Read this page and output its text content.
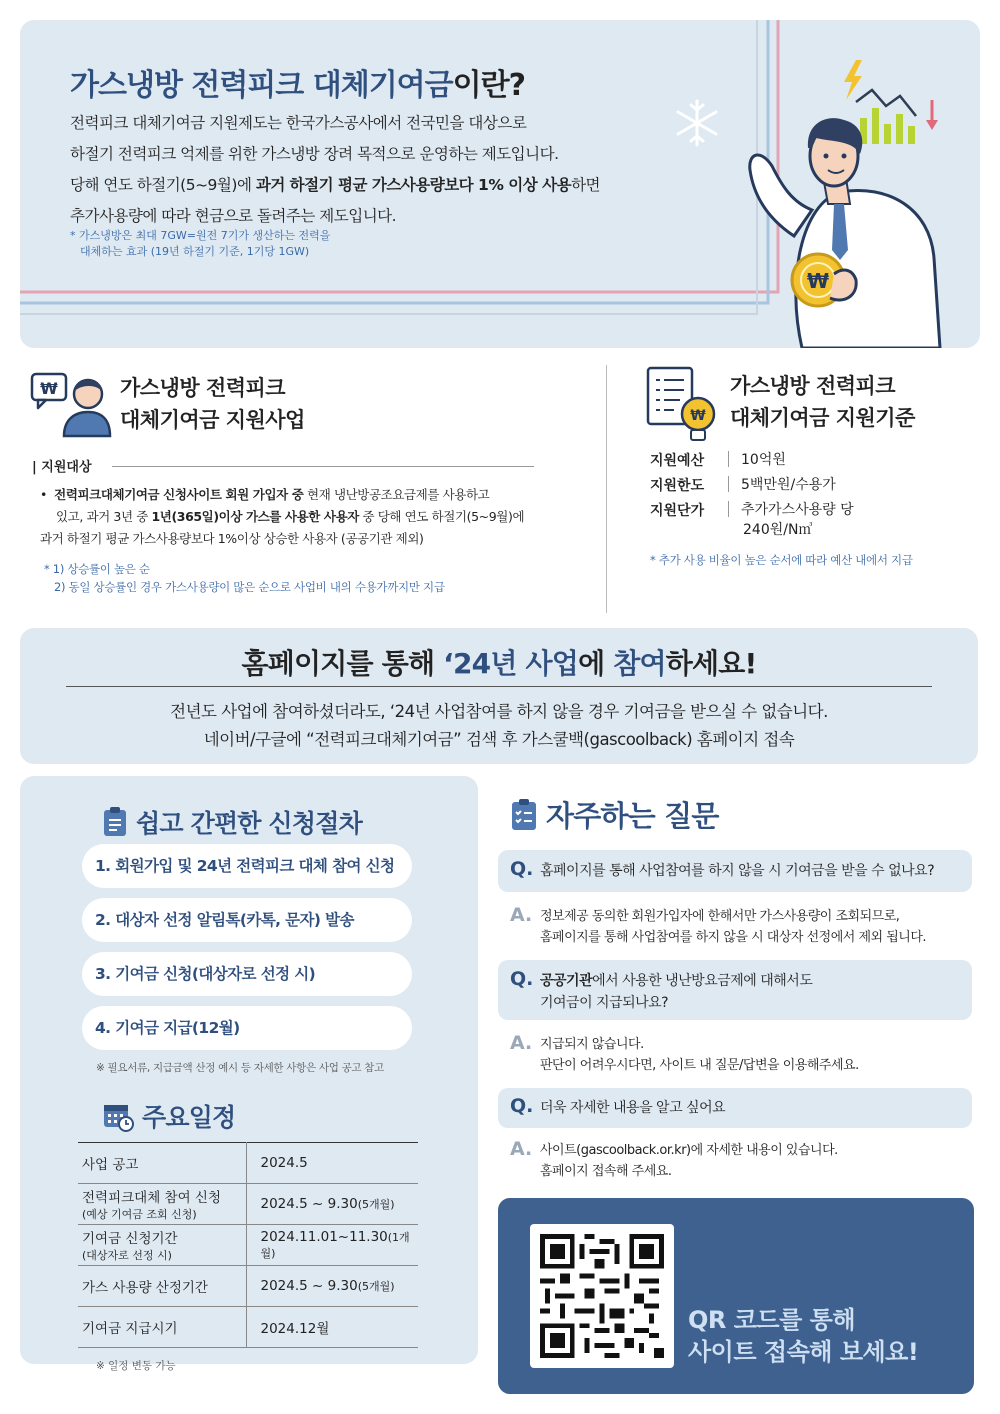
가스냉방 전력피크 대체기여금이란?
전력피크 대체기여금 지원제도는 한국가스공사에서 전국민을 대상으로
하절기 전력피크 억제를 위한 가스냉방 장려 목적으로 운영하는 제도입니다.
당해 연도 하절기(5~9월)에 과거 하절기 평균 가스사용량보다 1% 이상 사용하면
추가사용량에 따라 현금으로 돌려주는 제도입니다.
* 가스냉방은 최대 7GW=원전 7기가 생산하는 전력을
대체하는 효과 (19년 하절기 기준, 1기당 1GW)
₩
₩	가스냉방 전력피크
대체기여금 지원사업
| 지원대상
• 전력피크대체기여금 신청사이트 회원 가입자 중 현재 냉난방공조요금제를 사용하고
있고, 과거 3년 중 1년(365일)이상 가스를 사용한 사용자 중 당해 연도 하절기(5~9월)에
과거 하절기 평균 가스사용량보다 1%이상 상승한 사용자 (공공기관 제외)
* 1) 상승률이 높은 순
2) 동일 상승률인 경우 가스사용량이 많은 순으로 사업비 내의 수용가까지만 지급
₩
가스냉방 전력피크
대체기여금 지원기준
지원예산	10억원
지원한도	5백만원/수용가
지원단가	추가가스사용량 당
240원/N㎥
* 추가 사용 비율이 높은 순서에 따라 예산 내에서 지급
홈페이지를 통해 ‘24년 사업에 참여하세요!
전년도 사업에 참여하셨더라도, ‘24년 사업참여를 하지 않을 경우 기여금을 받으실 수 없습니다.
네이버/구글에 “전력피크대체기여금” 검색 후 가스쿨백(gascoolback) 홈페이지 접속
쉽고 간편한 신청절차
1. 회원가입 및 24년 전력피크 대체 참여 신청
2. 대상자 선정 알림톡(카톡, 문자) 발송
3. 기여금 신청(대상자로 선정 시)
4. 기여금 지급(12월)
※ 필요서류, 지급금액 산정 예시 등 자세한 사항은 사업 공고 참고
주요일정
사업 공고	2024.5

전력피크대체 참여 신청
(예상 기여금 조회 신청)	2024.5 ~ 9.30(5개월)

기여금 신청기간
(대상자로 선정 시)	2024.11.01~11.30(1개월)

가스 사용량 산정기간	2024.5 ~ 9.30(5개월)

기여금 지급시기	2024.12월
※ 일정 변동 가능
자주하는 질문
Q. 홈페이지를 통해 사업참여를 하지 않을 시 기여금을 받을 수 없나요?
A. 정보제공 동의한 회원가입자에 한해서만 가스사용량이 조회되므로,
홈페이지를 통해 사업참여를 하지 않을 시 대상자 선정에서 제외 됩니다.
Q. 공공기관에서 사용한 냉난방요금제에 대해서도
기여금이 지급되나요?
A. 지급되지 않습니다.
판단이 어려우시다면, 사이트 내 질문/답변을 이용해주세요.
Q. 더욱 자세한 내용을 알고 싶어요
A. 사이트(gascoolback.or.kr)에 자세한 내용이 있습니다.
홈페이지 접속해 주세요.
QR 코드를 통해
사이트 접속해 보세요!
